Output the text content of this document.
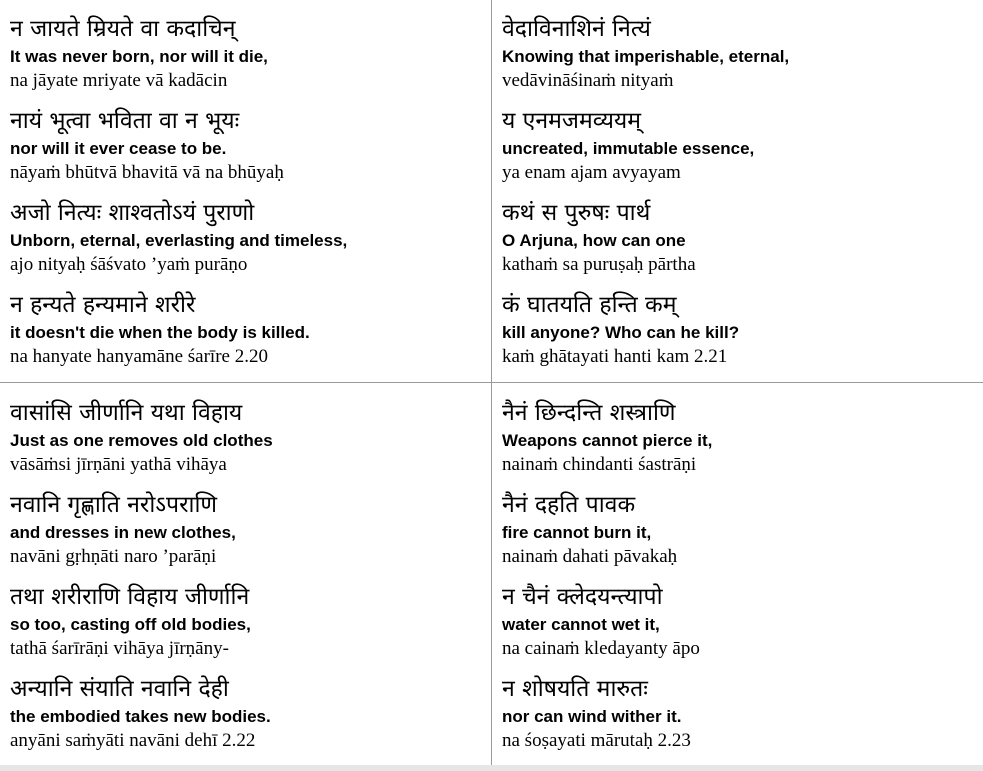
न जायते म्रियते वा कदाचिन्
It was never born, nor will it die,
na jāyate mriyate vā kadācin
नायं भूत्वा भविता वा न भूयः
nor will it ever cease to be.
nāyaṁ bhūtvā bhavitā vā na bhūyaḥ
अजो नित्यः शाश्वतोऽयं पुराणो
Unborn, eternal, everlasting and timeless,
ajo nityaḥ śāśvato ’yaṁ purāṇo
न हन्यते हन्यमाने शरीरे
it doesn't die when the body is killed.
na hanyate hanyamāne śarīre 2.20
वेदाविनाशिनं नित्यं
Knowing that imperishable, eternal,
vedāvināśinaṁ nityaṁ
य एनमजमव्ययम्
uncreated, immutable essence,
ya enam ajam avyayam
कथं स पुरुषः पार्थ
O Arjuna, how can one
kathaṁ sa puruṣaḥ pārtha
कं घातयति हन्ति कम्
kill anyone? Who can he kill?
kaṁ ghātayati hanti kam 2.21
वासांसि जीर्णानि यथा विहाय
Just as one removes old clothes
vāsāṁsi jīrṇāni yathā vihāya
नवानि गृह्णाति नरोऽपराणि
and dresses in new clothes,
navāni gṛhṇāti naro ’parāṇi
तथा शरीराणि विहाय जीर्णानि
so too, casting off old bodies,
tathā śarīrāṇi vihāya jīrṇāny-
अन्यानि संयाति नवानि देही
the embodied takes new bodies.
anyāni saṁyāti navāni dehī 2.22
नैनं छिन्दन्ति शस्त्राणि
Weapons cannot pierce it,
nainaṁ chindanti śastrāṇi
नैनं दहति पावक
fire cannot burn it,
nainaṁ dahati pāvakaḥ
न चैनं क्लेदयन्त्यापो
water cannot wet it,
na cainaṁ kledayanty āpo
न शोषयति मारुतः
nor can wind wither it.
na śoṣayati mārutaḥ 2.23
